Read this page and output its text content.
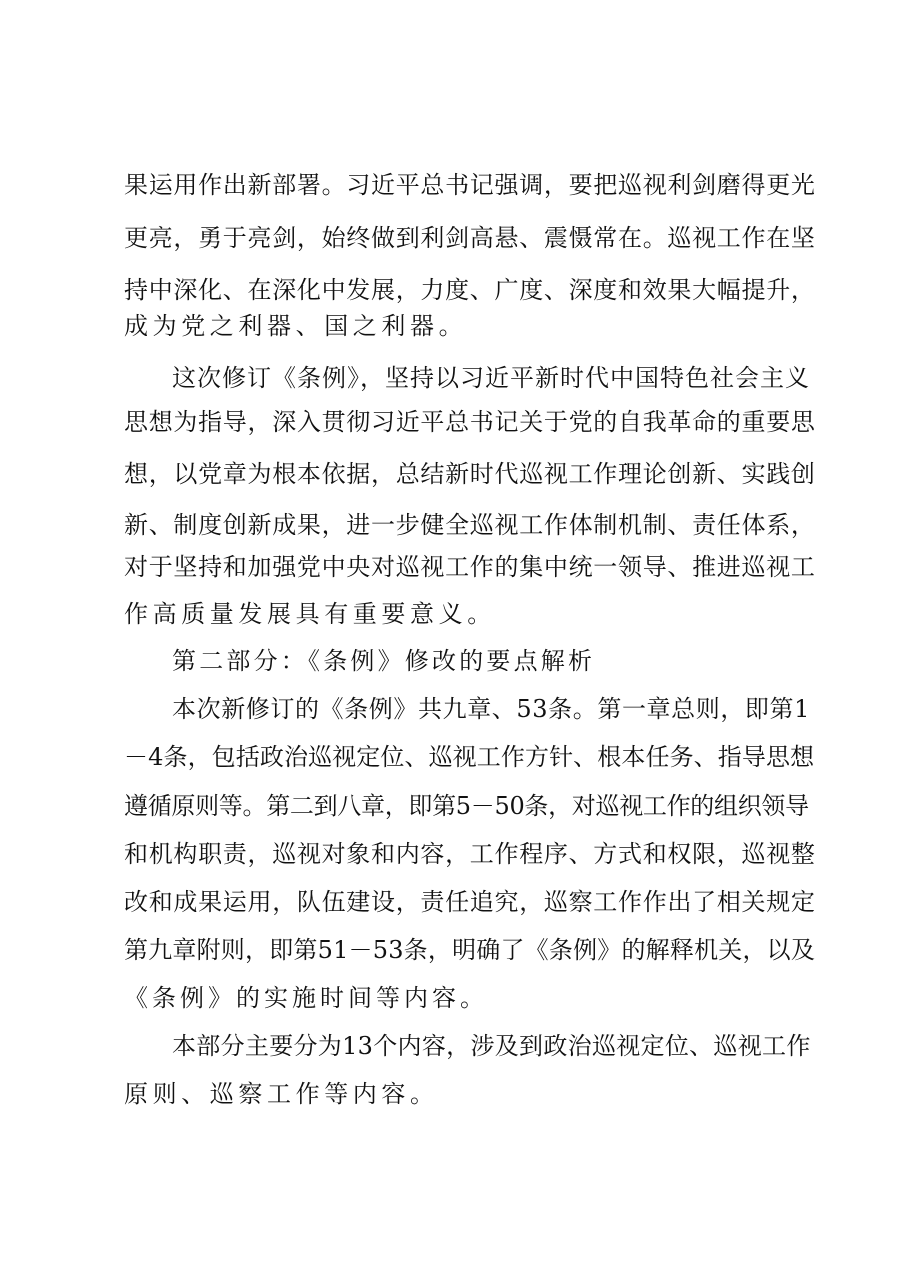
果运用作出新部署。习近平总书记强调，要把巡视利剑磨得更光
更亮，勇于亮剑，始终做到利剑高悬、震慑常在。巡视工作在坚
持中深化、在深化中发展，力度、广度、深度和效果大幅提升，
成为党之利器、国之利器。
这次修订《条例》，坚持以习近平新时代中国特色社会主义
思想为指导，深入贯彻习近平总书记关于党的自我革命的重要思
想，以党章为根本依据，总结新时代巡视工作理论创新、实践创
新、制度创新成果，进一步健全巡视工作体制机制、责任体系，
对于坚持和加强党中央对巡视工作的集中统一领导、推进巡视工
作高质量发展具有重要意义。
第二部分：《条例》修改的要点解析
本次新修订的《条例》共九章、53条。第一章总则，即第1
－4条，包括政治巡视定位、巡视工作方针、根本任务、指导思想
遵循原则等。第二到八章，即第5－50条，对巡视工作的组织领导
和机构职责，巡视对象和内容，工作程序、方式和权限，巡视整
改和成果运用，队伍建设，责任追究，巡察工作作出了相关规定
第九章附则，即第51－53条，明确了《条例》的解释机关，以及
《条例》的实施时间等内容。
本部分主要分为13个内容，涉及到政治巡视定位、巡视工作
原则、巡察工作等内容。
